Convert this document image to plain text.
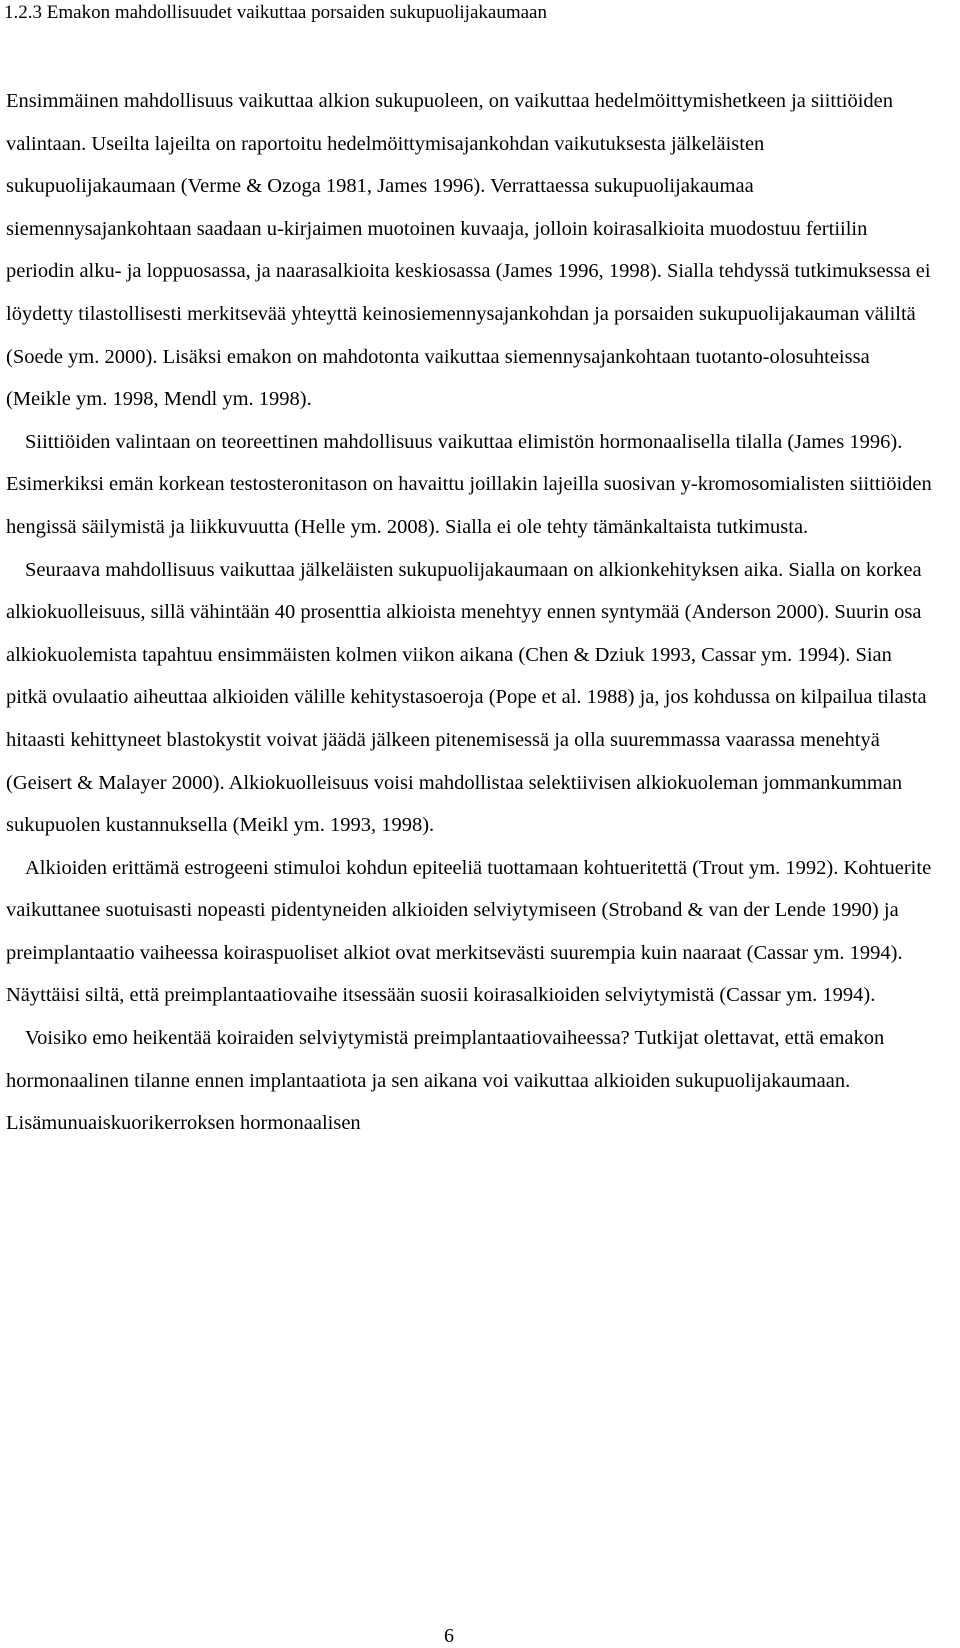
1.2.3 Emakon mahdollisuudet vaikuttaa porsaiden sukupuolijakaumaan

Ensimmäinen mahdollisuus vaikuttaa alkion sukupuoleen, on vaikuttaa hedelmöittymishetkeen ja siittiöiden valintaan. Useilta lajeilta on raportoitu hedelmöittymisajankohdan vaikutuksesta jälkeläisten sukupuolijakaumaan (Verme & Ozoga 1981, James 1996). Verrattaessa sukupuolijakaumaa siemennysajankohtaan saadaan u-kirjaimen muotoinen kuvaaja, jolloin koirasalkioita muodostuu fertiilin periodin alku- ja loppuosassa, ja naarasalkioita keskiosassa (James 1996, 1998). Sialla tehdyssä tutkimuksessa ei löydetty tilastollisesti merkitsevää yhteyttä keinosiemennysajankohdan ja porsaiden sukupuolijakauman väliltä (Soede ym. 2000). Lisäksi emakon on mahdotonta vaikuttaa siemennysajankohtaan tuotanto-olosuhteissa (Meikle ym. 1998, Mendl ym. 1998).

Siittiöiden valintaan on teoreettinen mahdollisuus vaikuttaa elimistön hormonaalisella tilalla (James 1996). Esimerkiksi emän korkean testosteronitason on havaittu joillakin lajeilla suosivan y-kromosomialisten siittiöiden hengissä säilymistä ja liikkuvuutta (Helle ym. 2008). Sialla ei ole tehty tämänkaltaista tutkimusta.

Seuraava mahdollisuus vaikuttaa jälkeläisten sukupuolijakaumaan on alkionkehityksen aika. Sialla on korkea alkiokuolleisuus, sillä vähintään 40 prosenttia alkioista menehtyy ennen syntymää (Anderson 2000). Suurin osa alkiokuolemista tapahtuu ensimmäisten kolmen viikon aikana (Chen & Dziuk 1993, Cassar ym. 1994). Sian pitkä ovulaatio aiheuttaa alkioiden välille kehitystasoeroja (Pope et al. 1988) ja, jos kohdussa on kilpailua tilasta hitaasti kehittyneet blastokystit voivat jäädä jälkeen pitenemisessä ja olla suuremmassa vaarassa menehtyä (Geisert & Malayer 2000). Alkiokuolleisuus voisi mahdollistaa selektiivisen alkiokuoleman jommankumman sukupuolen kustannuksella (Meikl ym. 1993, 1998).

Alkioiden erittämä estrogeeni stimuloi kohdun epiteeliä tuottamaan kohtueritettä (Trout ym. 1992). Kohtuerite vaikuttanee suotuisasti nopeasti pidentyneiden alkioiden selviytymiseen (Stroband & van der Lende 1990) ja preimplantaatio vaiheessa koiraspuoliset alkiot ovat merkitsevästi suurempia kuin naaraat (Cassar ym. 1994). Näyttäisi siltä, että preimplantaatiovaihe itsessään suosii koirasalkioiden selviytymistä (Cassar ym. 1994).

Voisiko emo heikentää koiraiden selviytymistä preimplantaatiovaiheessa? Tutkijat olettavat, että emakon hormonaalinen tilanne ennen implantaatiota ja sen aikana voi vaikuttaa alkioiden sukupuolijakaumaan. Lisämunuaiskuorikerroksen hormonaalisen

6
